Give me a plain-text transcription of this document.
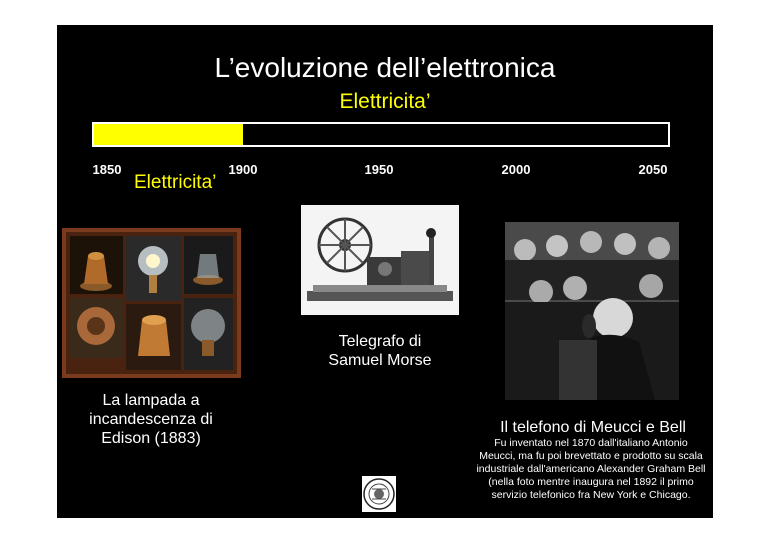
L’evoluzione dell’elettronica
Elettricita’
1850	1900	1950	2000	2050
Elettricita’
La lampada a
incandescenza di
Edison (1883)
Telegrafo di
Samuel Morse
Il telefono di Meucci e Bell
Fu inventato nel 1870 dall'italiano Antonio
Meucci, ma fu poi brevettato e prodotto su scala
industriale dall'americano Alexander Graham Bell
(nella foto mentre inaugura nel 1892 il primo
servizio telefonico fra New York e Chicago.
